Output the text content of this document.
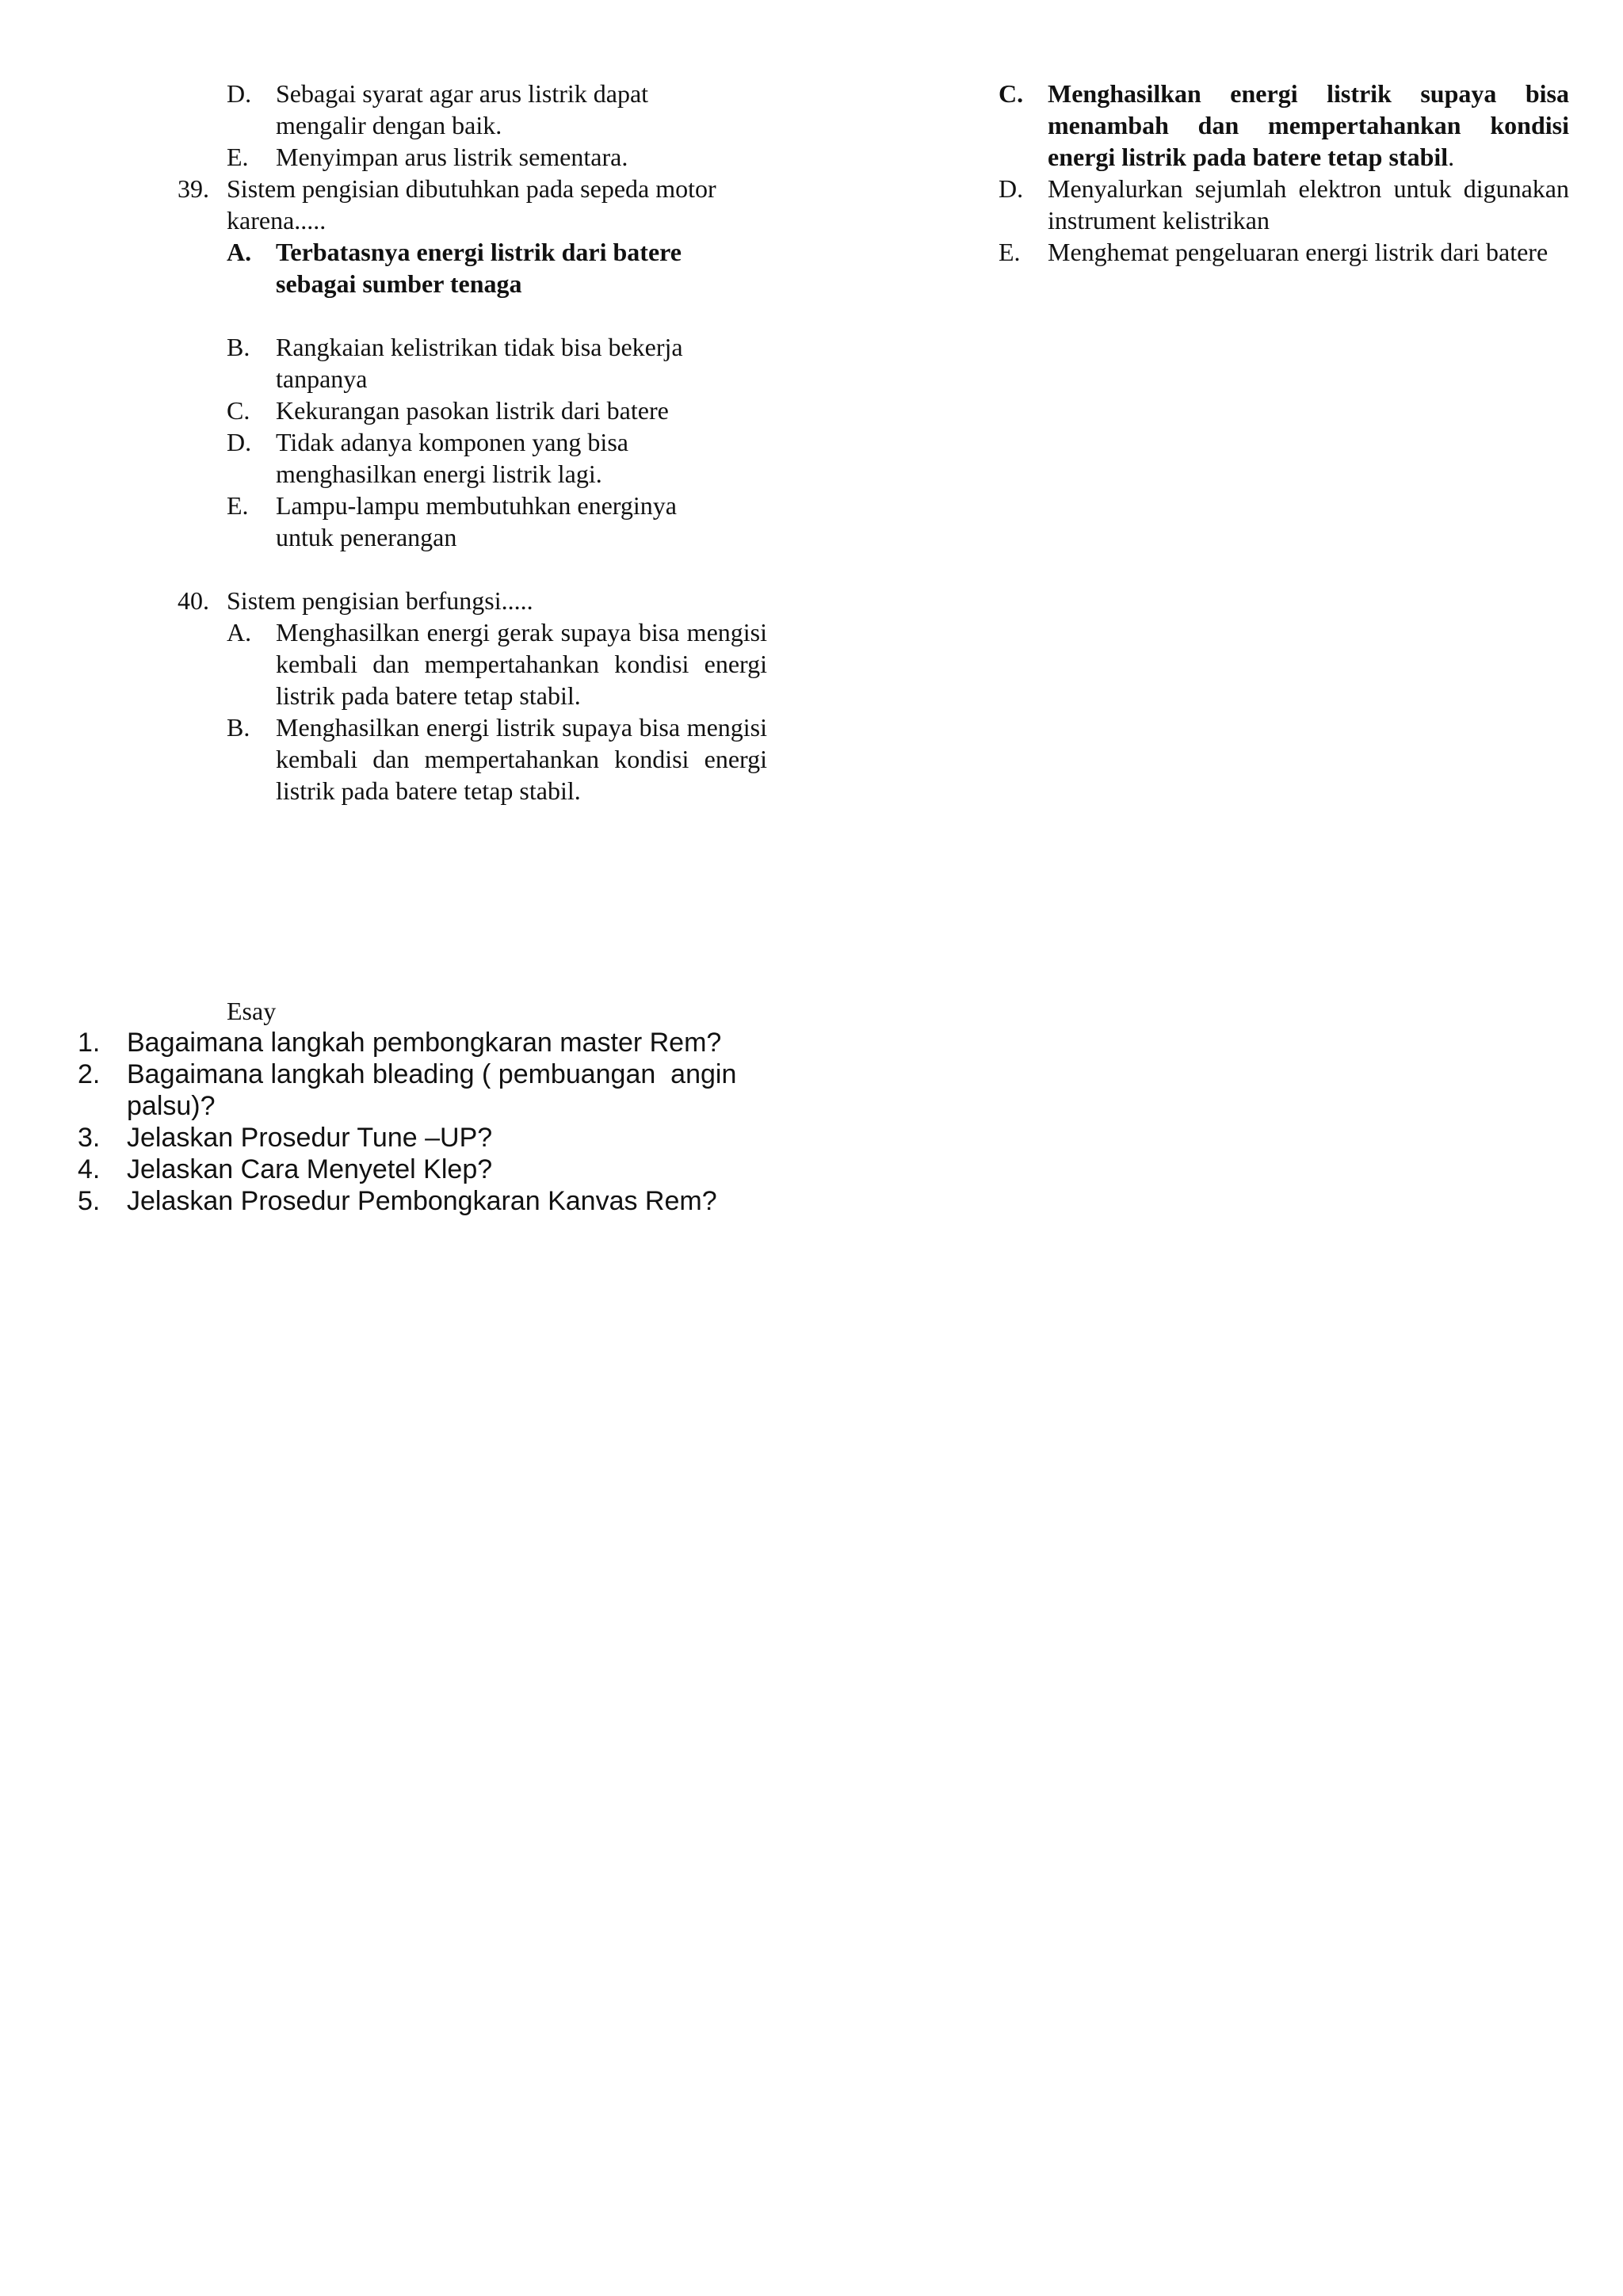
D. Sebagai syarat agar arus listrik dapat mengalir dengan baik.
E. Menyimpan arus listrik sementara.
39. Sistem pengisian dibutuhkan pada sepeda motor karena.....
A. Terbatasnya energi listrik dari batere sebagai sumber tenaga
B. Rangkaian kelistrikan tidak bisa bekerja tanpanya
C. Kekurangan pasokan listrik dari batere
D. Tidak adanya komponen yang bisa menghasilkan energi listrik lagi.
E. Lampu-lampu membutuhkan energinya untuk penerangan
40. Sistem pengisian berfungsi.....
A. Menghasilkan energi gerak supaya bisa mengisi kembali dan mempertahankan kondisi energi listrik pada batere tetap stabil.
B. Menghasilkan energi listrik supaya bisa mengisi kembali dan mempertahankan kondisi energi listrik pada batere tetap stabil.
C. Menghasilkan energi listrik supaya bisa menambah dan mempertahankan kondisi energi listrik pada batere tetap stabil.
D. Menyalurkan sejumlah elektron untuk digunakan instrument kelistrikan
E. Menghemat pengeluaran energi listrik dari batere
Esay
1. Bagaimana langkah pembongkaran master Rem?
2. Bagaimana langkah bleading ( pembuangan  angin palsu)?
3. Jelaskan Prosedur Tune –UP?
4. Jelaskan Cara Menyetel Klep?
5. Jelaskan Prosedur Pembongkaran Kanvas Rem?
